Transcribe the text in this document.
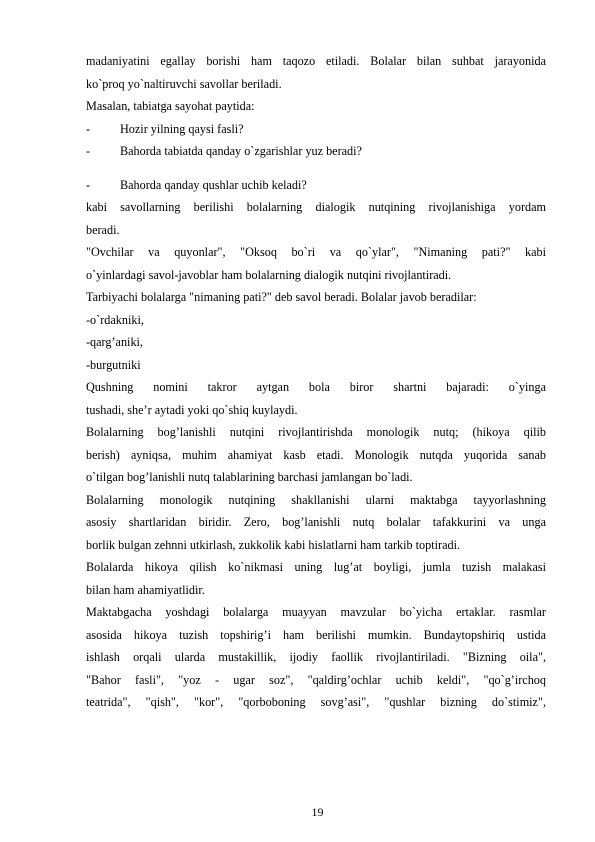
madaniyatini egallay borishi ham taqozo etiladi. Bolalar bilan suhbat jarayonida
ko`proq yo`naltiruvchi savollar beriladi.
Masalan, tabiatga sayohat paytida:
- Hozir yilning qaysi fasli?
- Bahorda tabiatda qanday o`zgarishlar yuz beradi?
- Bahorda qanday qushlar uchib keladi?
kabi savollarning berilishi bolalarning dialogik nutqining rivojlanishiga yordam
beradi.
"Ovchilar va quyonlar", "Oksoq bo`ri va qo`ylar", "Nimaning pati?" kabi
o`yinlardagi savol-javoblar ham bolalarning dialogik nutqini rivojlantiradi.
Tarbiyachi bolalarga "nimaning pati?" deb savol beradi. Bolalar javob beradilar:
-o`rdakniki,
-qarg’aniki,
-burgutniki
Qushning nomini takror aytgan bola biror shartni bajaradi: o`yinga
tushadi, she’r aytadi yoki qo`shiq kuylaydi.
Bolalarning bog’lanishli nutqini rivojlantirishda monologik nutq; (hikoya qilib
berish) ayniqsa, muhim ahamiyat kasb etadi. Monologik nutqda yuqorida sanab
o`tilgan bog’lanishli nutq talablarining barchasi jamlangan bo`ladi.
Bolalarning monologik nutqining shakllanishi ularni maktabga tayyorlashning
asosiy shartlaridan biridir. Zero, bog’lanishli nutq bolalar tafakkurini va unga
borlik bulgan zehnni utkirlash, zukkolik kabi hislatlarni ham tarkib toptiradi.
Bolalarda hikoya qilish ko`nikmasi uning lug’at boyligi, jumla tuzish malakasi
bilan ham ahamiyatlidir.
Maktabgacha yoshdagi bolalarga muayyan mavzular bo`yicha ertaklar. rasmlar
asosida hikoya tuzish topshirig’i ham berilishi mumkin. Bundaytopshiriq ustida
ishlash orqali ularda mustakillik, ijodiy faollik rivojlantiriladi. "Bizning oila",
"Bahor fasli", "yoz - ugar soz", "qaldirg’ochlar uchib keldi", "qo`g’irchoq
teatrida", "qish", "kor", "qorboboning sovg’asi", "qushlar bizning do`stimiz",
19
